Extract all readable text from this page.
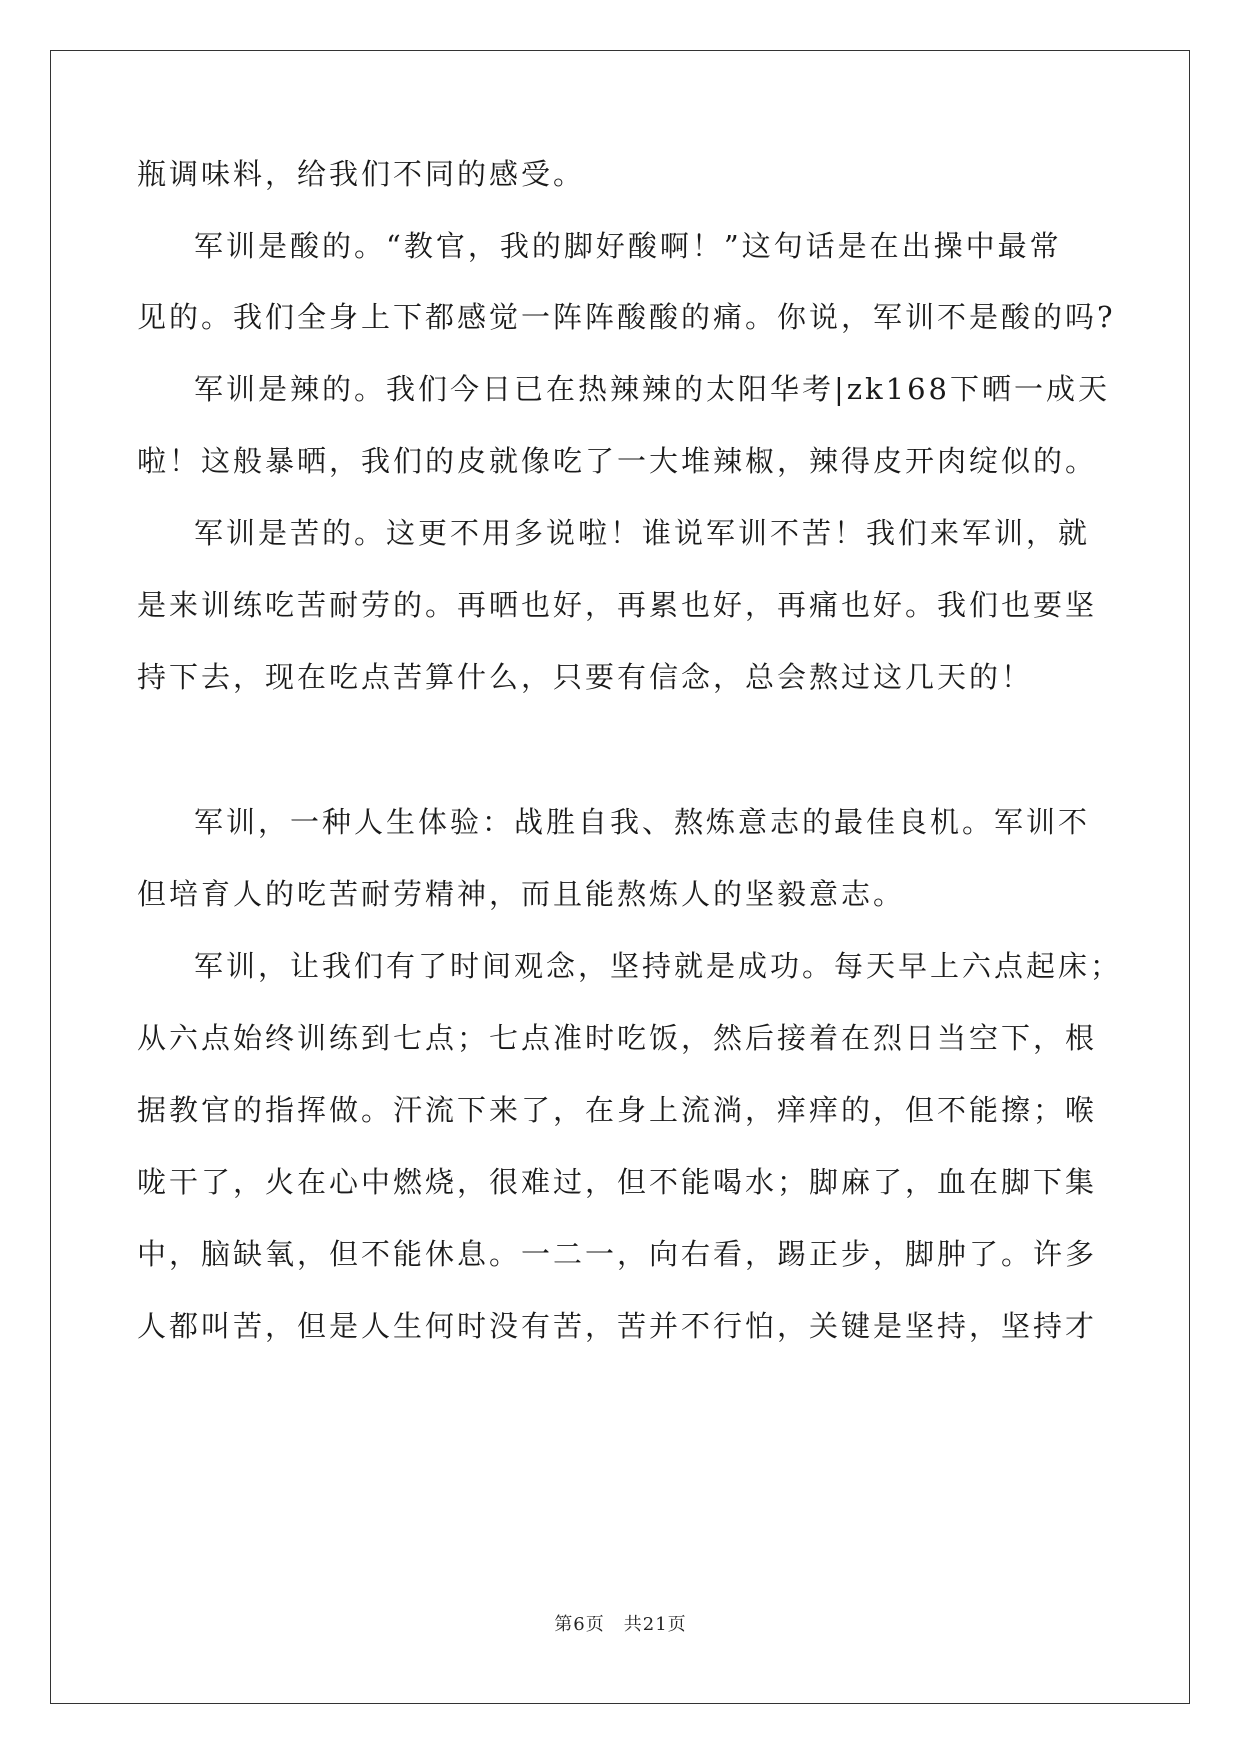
瓶调味料，给我们不同的感受。
军训是酸的。“教官，我的脚好酸啊！”这句话是在出操中最常
见的。我们全身上下都感觉一阵阵酸酸的痛。你说，军训不是酸的吗?
军训是辣的。我们今日已在热辣辣的太阳华考|zk168下晒一成天
啦！这般暴晒，我们的皮就像吃了一大堆辣椒，辣得皮开肉绽似的。
军训是苦的。这更不用多说啦！谁说军训不苦！我们来军训，就
是来训练吃苦耐劳的。再晒也好，再累也好，再痛也好。我们也要坚
持下去，现在吃点苦算什么，只要有信念，总会熬过这几天的！
军训，一种人生体验：战胜自我、熬炼意志的最佳良机。军训不
但培育人的吃苦耐劳精神，而且能熬炼人的坚毅意志。
军训，让我们有了时间观念，坚持就是成功。每天早上六点起床；
从六点始终训练到七点；七点准时吃饭，然后接着在烈日当空下，根
据教官的指挥做。汗流下来了，在身上流淌，痒痒的，但不能擦；喉
咙干了，火在心中燃烧，很难过，但不能喝水；脚麻了，血在脚下集
中，脑缺氧，但不能休息。一二一，向右看，踢正步，脚肿了。许多
人都叫苦，但是人生何时没有苦，苦并不行怕，关键是坚持，坚持才
第6页　共21页
